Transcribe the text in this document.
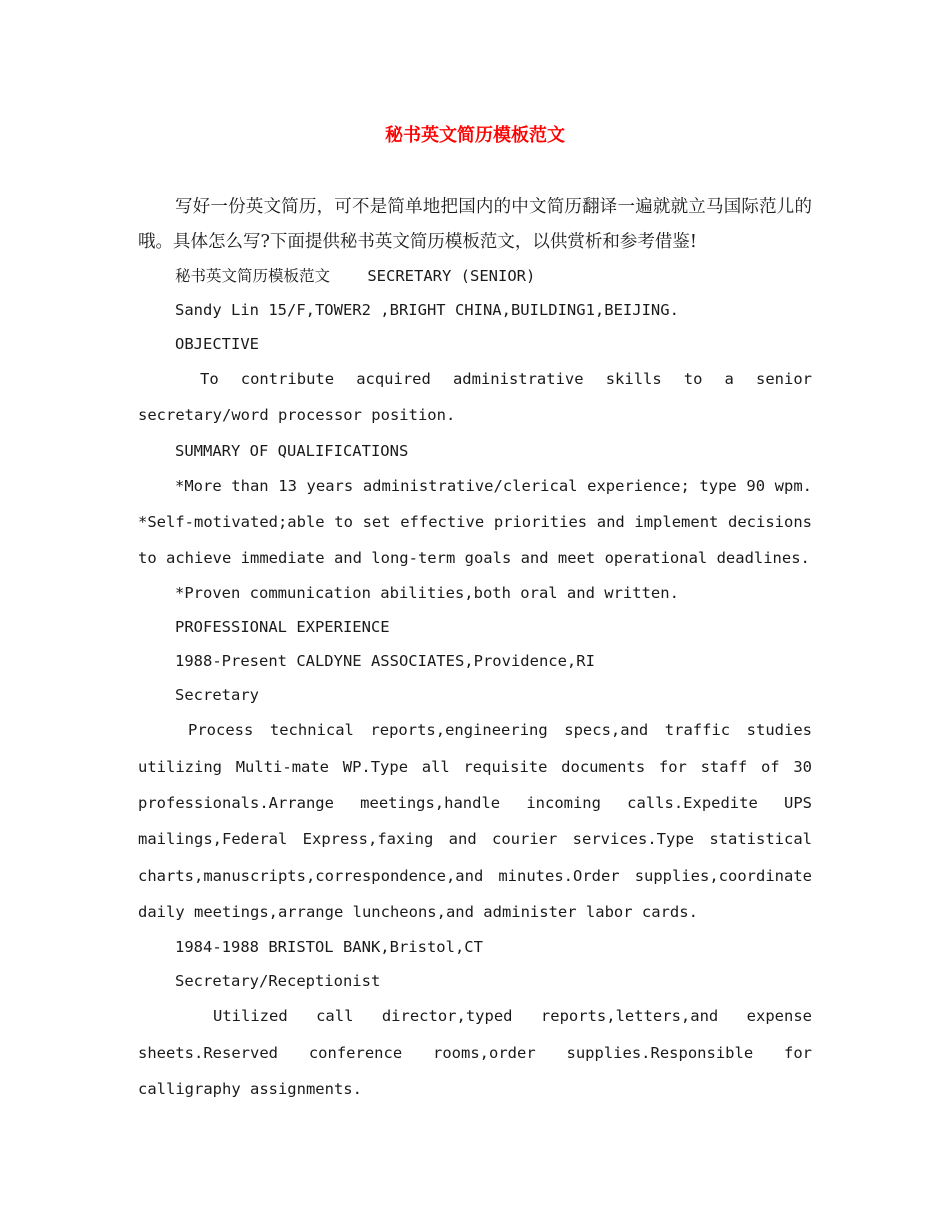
秘书英文简历模板范文

写好一份英文简历，可不是简单地把国内的中文简历翻译一遍就就立马国际范儿的哦。具体怎么写?下面提供秘书英文简历模板范文，以供赏析和参考借鉴!

秘书英文简历模板范文    SECRETARY (SENIOR)

Sandy Lin 15/F,TOWER2 ,BRIGHT CHINA,BUILDING1,BEIJING.

OBJECTIVE

To contribute acquired administrative skills to a senior secretary/word processor position.

SUMMARY OF QUALIFICATIONS

*More than 13 years administrative/clerical experience; type 90 wpm. *Self-motivated;able to set effective priorities and implement decisions to achieve immediate and long-term goals and meet operational deadlines.

*Proven communication abilities,both oral and written.

PROFESSIONAL EXPERIENCE

1988-Present CALDYNE ASSOCIATES,Providence,RI

Secretary

Process technical reports,engineering specs,and traffic studies utilizing Multi-mate WP.Type all requisite documents for staff of 30 professionals.Arrange meetings,handle incoming calls.Expedite UPS mailings,Federal Express,faxing and courier services.Type statistical charts,manuscripts,correspondence,and minutes.Order supplies,coordinate daily meetings,arrange luncheons,and administer labor cards.

1984-1988 BRISTOL BANK,Bristol,CT

Secretary/Receptionist

Utilized call director,typed reports,letters,and expense sheets.Reserved conference rooms,order supplies.Responsible for calligraphy assignments.
